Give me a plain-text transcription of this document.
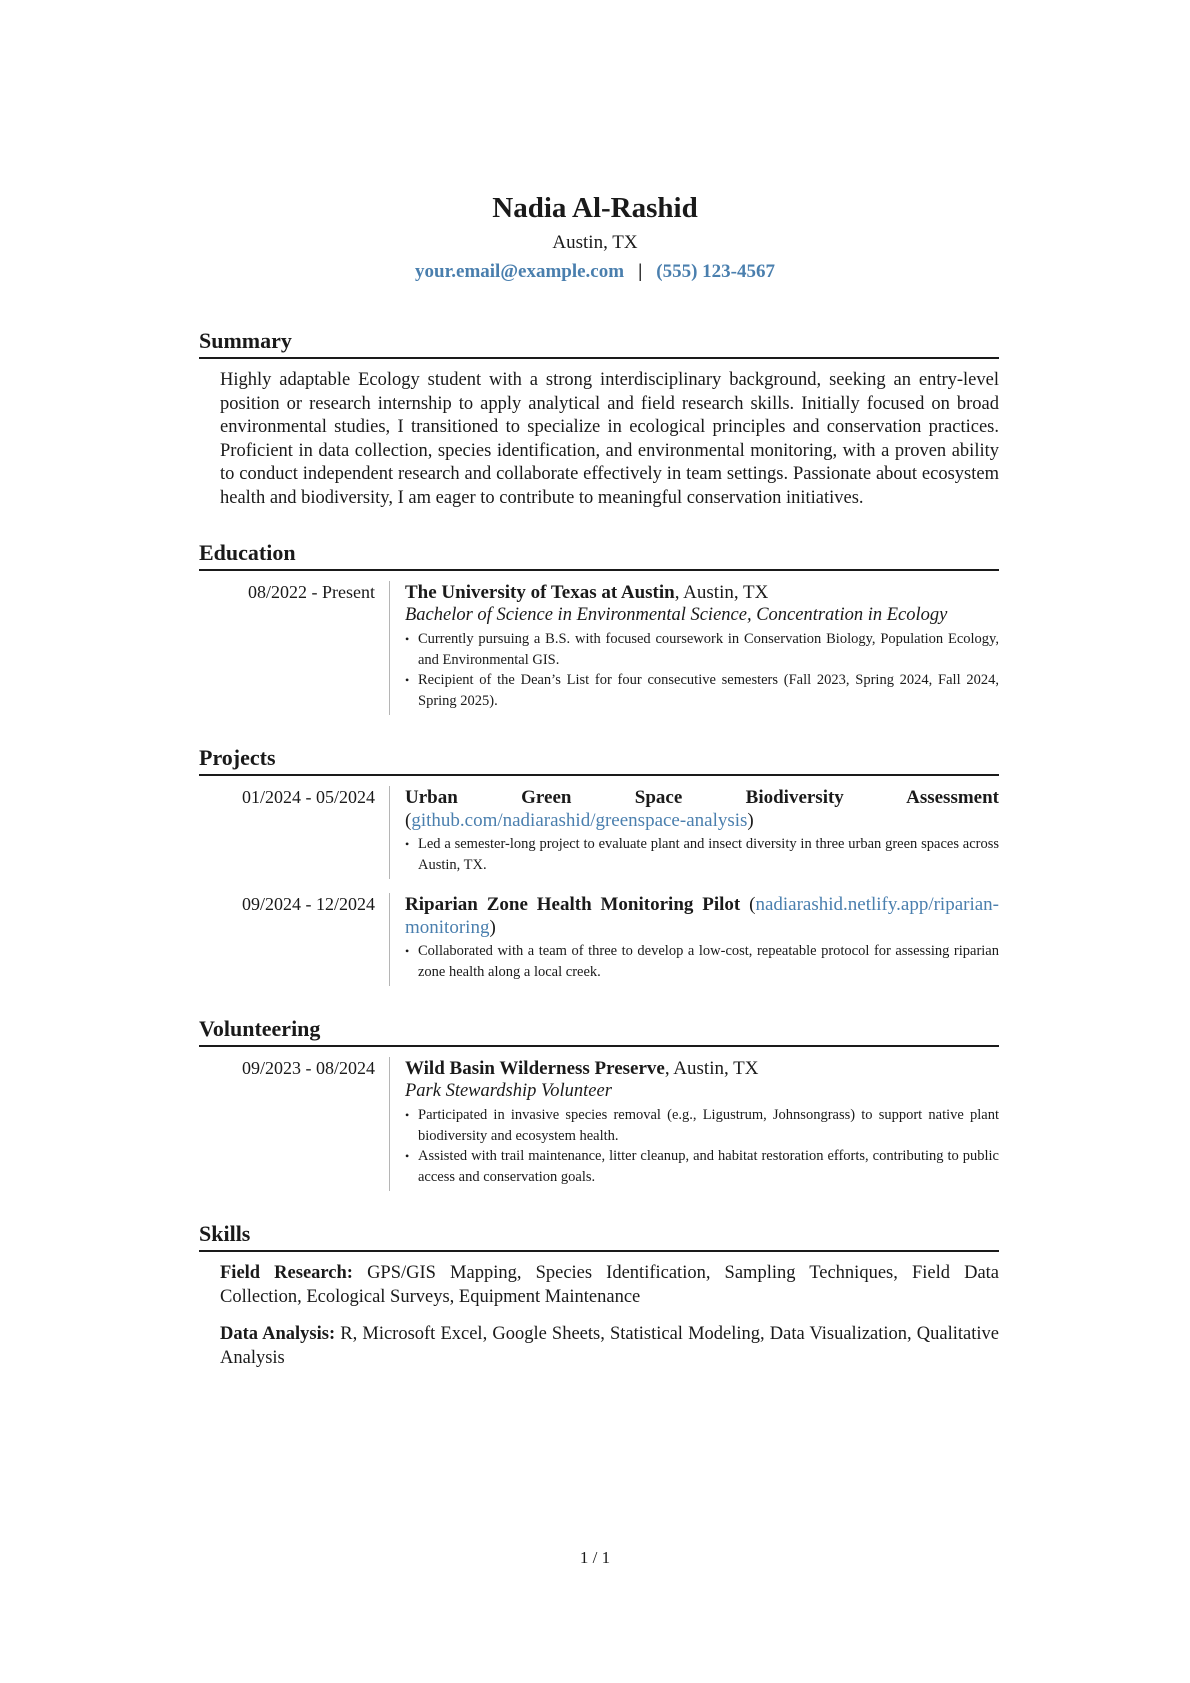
Nadia Al-Rashid
Austin, TX
your.email@example.com | (555) 123-4567
Summary
Highly adaptable Ecology student with a strong interdisciplinary background, seeking an entry-level position or research internship to apply analytical and field research skills. Initially focused on broad environmental studies, I transitioned to specialize in ecological principles and conservation practices. Proficient in data collection, species identification, and environmental monitoring, with a proven ability to conduct independent research and collaborate effectively in team settings. Passionate about ecosystem health and biodiversity, I am eager to contribute to meaningful conservation initiatives.
Education
08/2022 - Present	The University of Texas at Austin, Austin, TX
Bachelor of Science in Environmental Science, Concentration in Ecology
• Currently pursuing a B.S. with focused coursework in Conservation Biology, Population Ecology, and Environmental GIS.
• Recipient of the Dean’s List for four consecutive semesters (Fall 2023, Spring 2024, Fall 2024, Spring 2025).
Projects
01/2024 - 05/2024	Urban Green Space Biodiversity Assessment (github.com/nadiarashid/greenspace-analysis)
• Led a semester-long project to evaluate plant and insect diversity in three urban green spaces across Austin, TX.
09/2024 - 12/2024	Riparian Zone Health Monitoring Pilot (nadiarashid.netlify.app/riparian-monitoring)
• Collaborated with a team of three to develop a low-cost, repeatable protocol for assessing riparian zone health along a local creek.
Volunteering
09/2023 - 08/2024	Wild Basin Wilderness Preserve, Austin, TX
Park Stewardship Volunteer
• Participated in invasive species removal (e.g., Ligustrum, Johnsongrass) to support native plant biodiversity and ecosystem health.
• Assisted with trail maintenance, litter cleanup, and habitat restoration efforts, contributing to public access and conservation goals.
Skills
Field Research: GPS/GIS Mapping, Species Identification, Sampling Techniques, Field Data Collection, Ecological Surveys, Equipment Maintenance
Data Analysis: R, Microsoft Excel, Google Sheets, Statistical Modeling, Data Visualization, Qualitative Analysis
1 / 1
